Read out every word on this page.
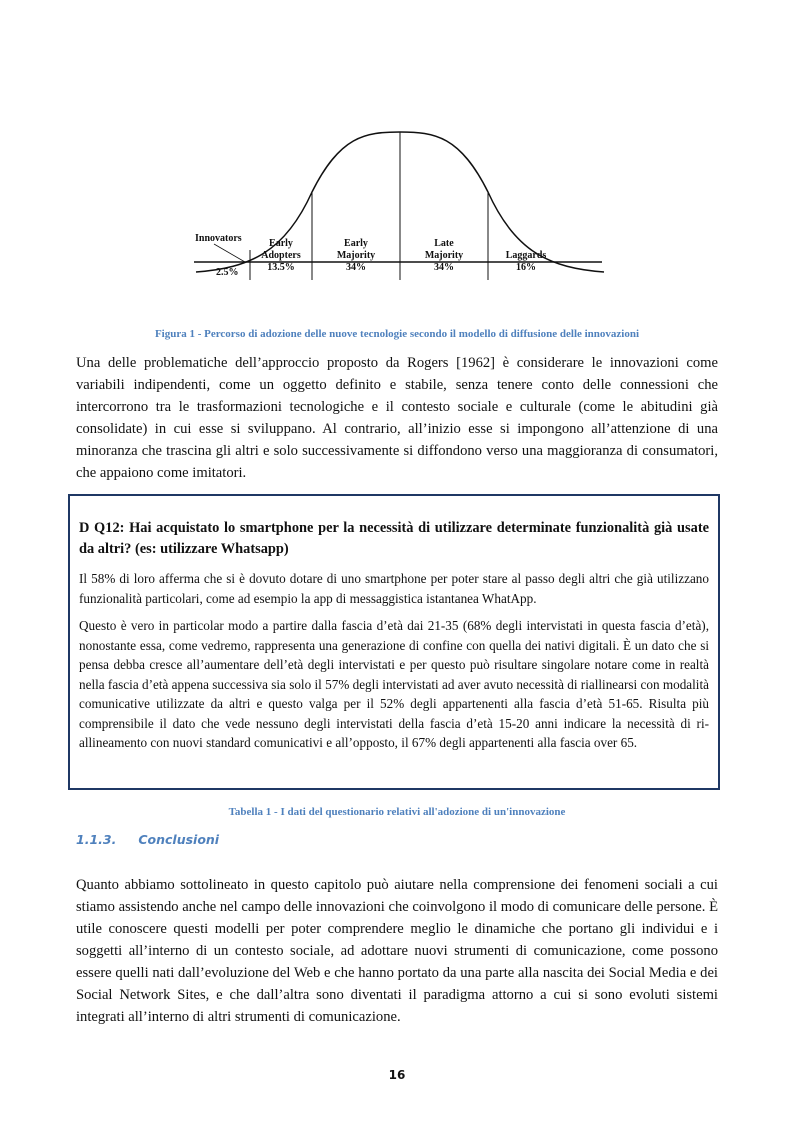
Innovators
2.5%
Early
Adopters
13.5%
Early
Majority
34%
Late
Majority
34%
Laggards
16%
Figura 1 - Percorso di adozione delle nuove tecnologie secondo il modello di diffusione delle innovazioni

Una delle problematiche dell’approccio proposto da Rogers [1962] è considerare le innovazioni come variabili indipendenti, come un oggetto definito e stabile, senza tenere conto delle connessioni che intercorrono tra le trasformazioni tecnologiche e il contesto sociale e culturale (come le abitudini già consolidate) in cui esse si sviluppano. Al contrario, all’inizio esse si impongono all’attenzione di una minoranza che trascina gli altri e solo successivamente si diffondono verso una maggioranza di consumatori, che appaiono come imitatori.

D Q12: Hai acquistato lo smartphone per la necessità di utilizzare determinate funzionalità già usate da altri? (es: utilizzare Whatsapp)
Il 58% di loro afferma che si è dovuto dotare di uno smartphone per poter stare al passo degli altri che già utilizzano funzionalità particolari, come ad esempio la app di messaggistica istantanea WhatApp.
Questo è vero in particolar modo a partire dalla fascia d’età dai 21-35 (68% degli intervistati in questa fascia d’età), nonostante essa, come vedremo, rappresenta una generazione di confine con quella dei nativi digitali. È un dato che si pensa debba cresce all’aumentare dell’età degli intervistati e per questo può risultare singolare notare come in realtà nella fascia d’età appena successiva sia solo il 57% degli intervistati ad aver avuto necessità di riallinearsi con modalità comunicative utilizzate da altri e questo valga per il 52% degli appartenenti alla fascia d’età 51-65. Risulta più comprensibile il dato che vede nessuno degli intervistati della fascia d’età 15-20 anni indicare la necessità di ri-allineamento con nuovi standard comunicativi e all’opposto, il 67% degli appartenenti alla fascia over 65.
Tabella 1 - I dati del questionario relativi all'adozione di un'innovazione
1.1.3. Conclusioni

Quanto abbiamo sottolineato in questo capitolo può aiutare nella comprensione dei fenomeni sociali a cui stiamo assistendo anche nel campo delle innovazioni che coinvolgono il modo di comunicare delle persone. È utile conoscere questi modelli per poter comprendere meglio le dinamiche che portano gli individui e i soggetti all’interno di un contesto sociale, ad adottare nuovi strumenti di comunicazione, come possono essere quelli nati dall’evoluzione del Web e che hanno portato da una parte alla nascita dei Social Media e dei Social Network Sites, e che dall’altra sono diventati il paradigma attorno a cui si sono evoluti sistemi integrati all’interno di altri strumenti di comunicazione.

16
